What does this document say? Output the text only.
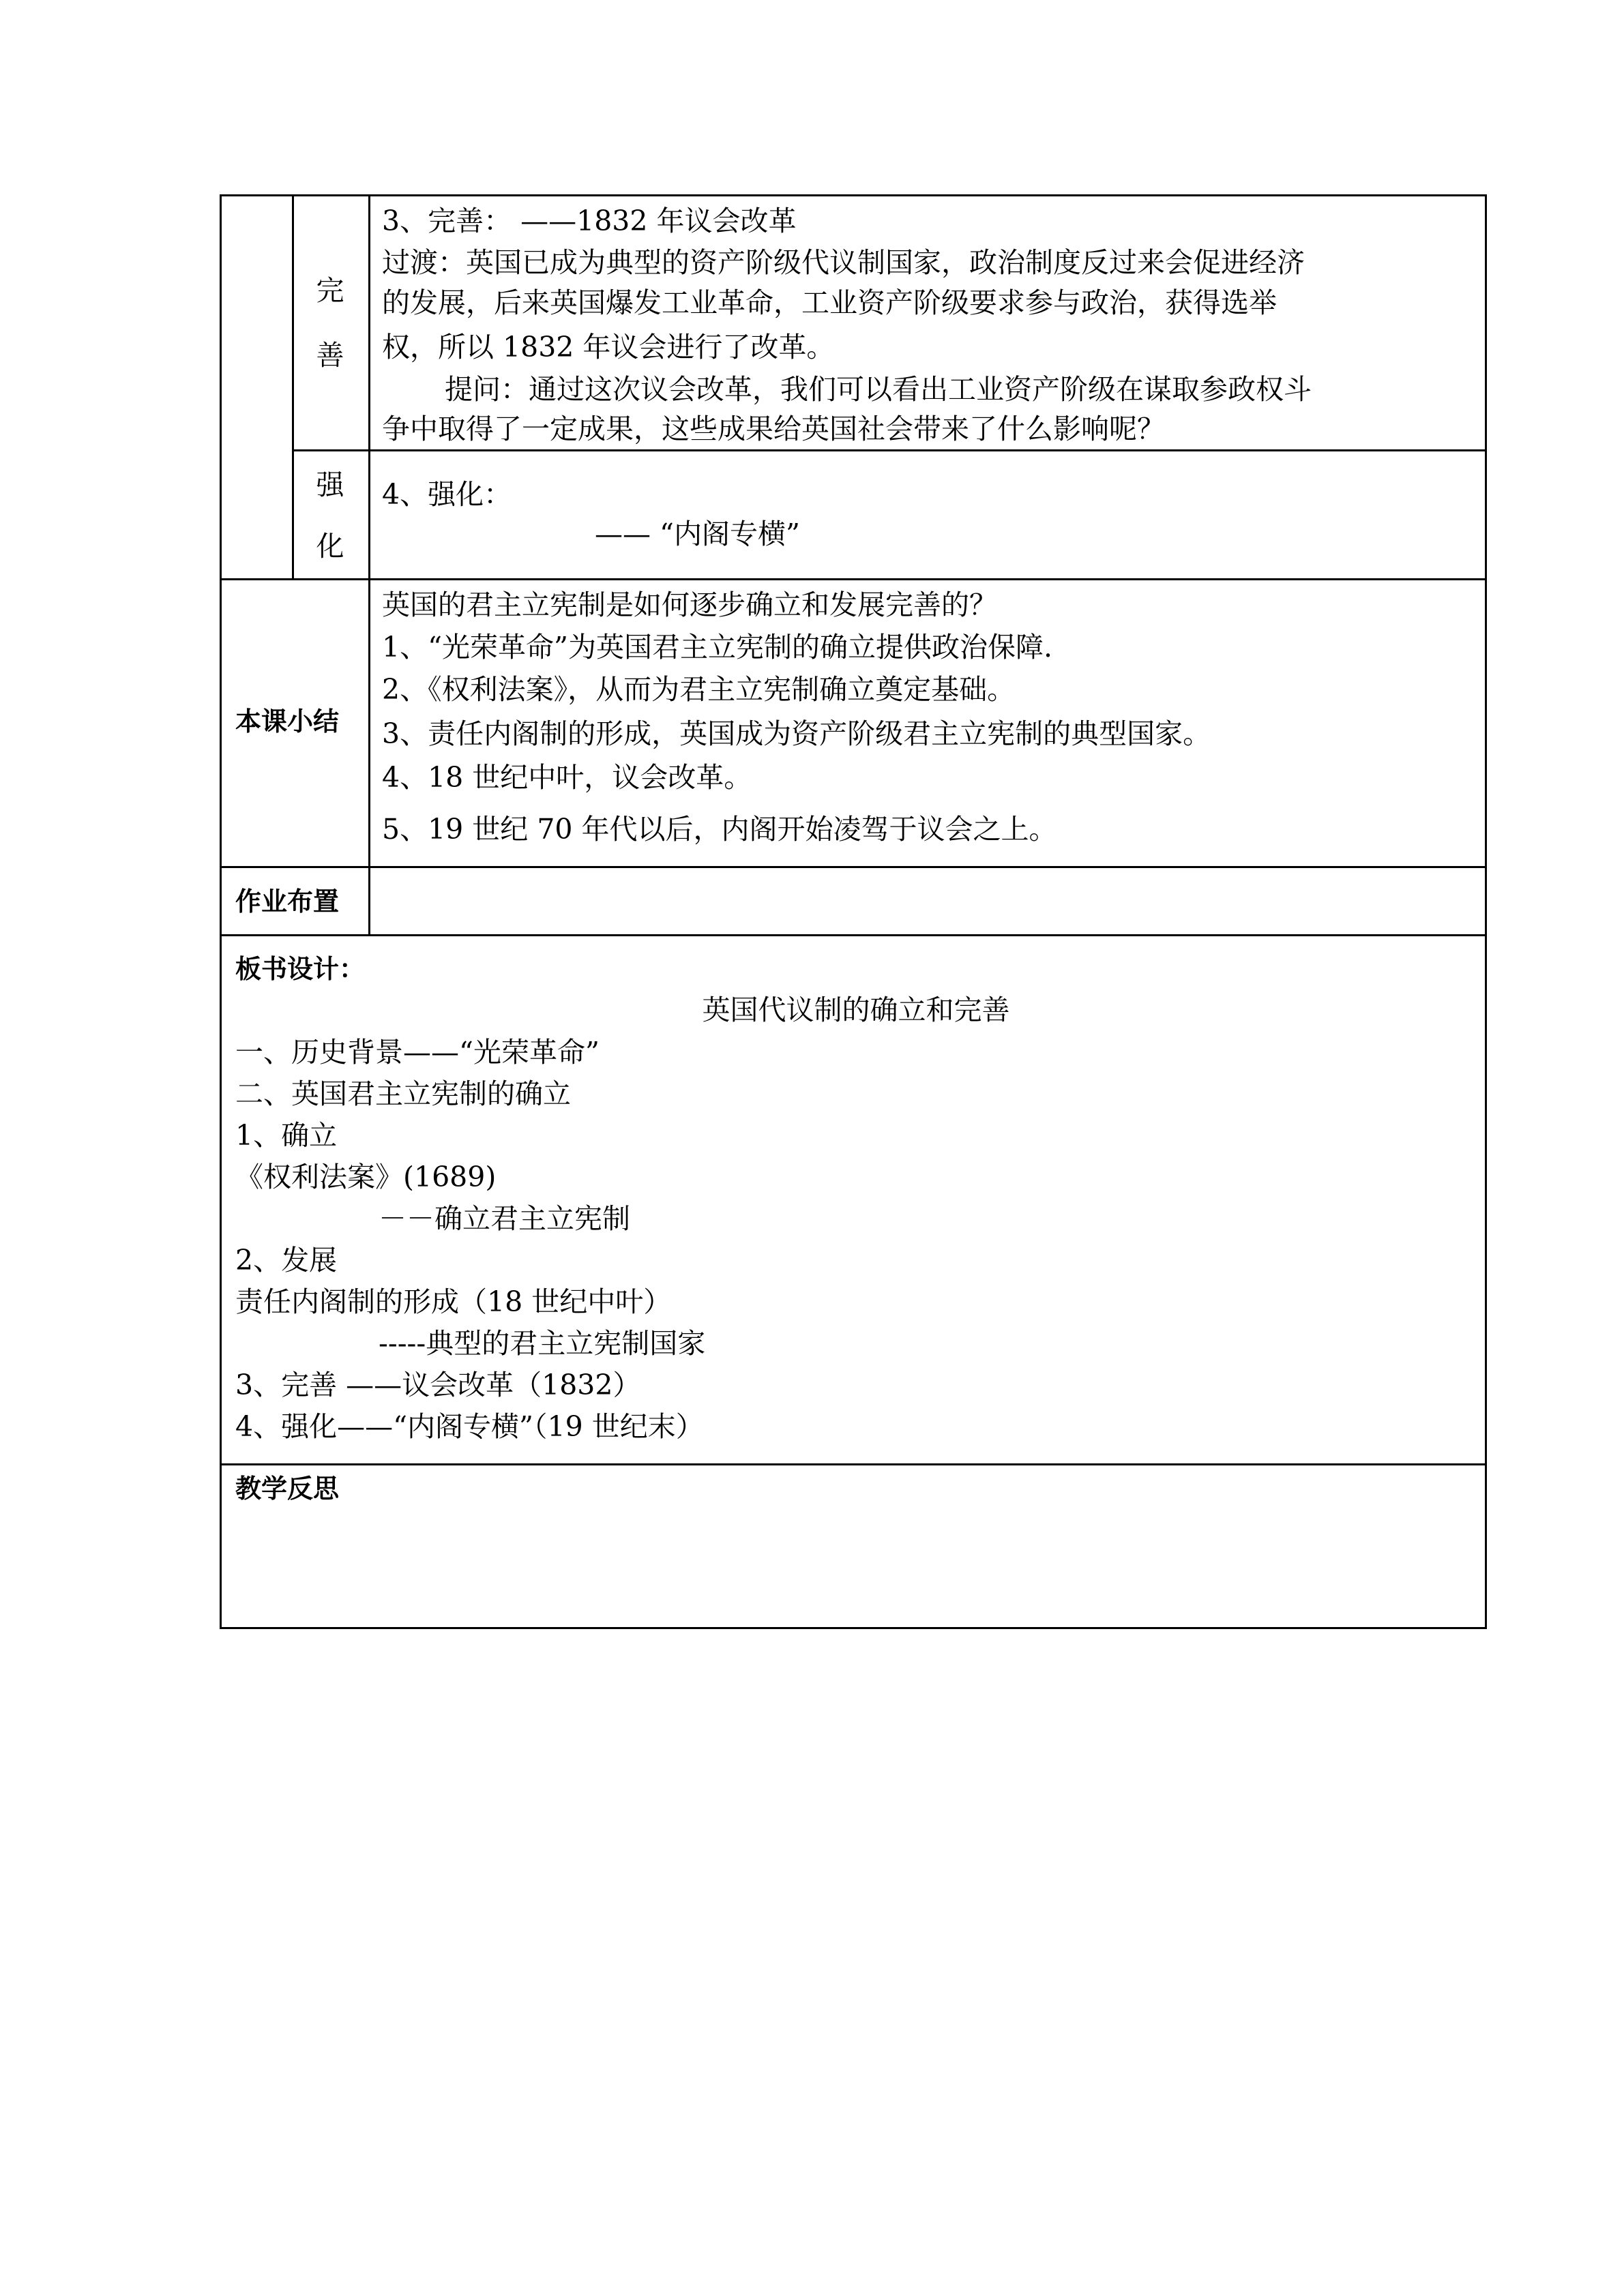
完
善
3、完善： ——1832 年议会改革
过渡：英国已成为典型的资产阶级代议制国家，政治制度反过来会促进经济
的发展，后来英国爆发工业革命，工业资产阶级要求参与政治，获得选举
权，所以 1832 年议会进行了改革。
提问：通过这次议会改革，我们可以看出工业资产阶级在谋取参政权斗
争中取得了一定成果，这些成果给英国社会带来了什么影响呢？
强
化
4、强化：
—— “内阁专横”
本课小结
英国的君主立宪制是如何逐步确立和发展完善的？
1、“光荣革命”为英国君主立宪制的确立提供政治保障.
2、《权利法案》，从而为君主立宪制确立奠定基础。
3、责任内阁制的形成，英国成为资产阶级君主立宪制的典型国家。
4、18 世纪中叶，议会改革。
5、19 世纪 70 年代以后，内阁开始凌驾于议会之上。
作业布置
板书设计：
英国代议制的确立和完善
一、历史背景——“光荣革命”
二、英国君主立宪制的确立
1、确立
《权利法案》(1689)
－－确立君主立宪制
2、发展
责任内阁制的形成（18 世纪中叶）
-----典型的君主立宪制国家
3、完善 ——议会改革（1832）
4、强化——“内阁专横”（19 世纪末）
教学反思
